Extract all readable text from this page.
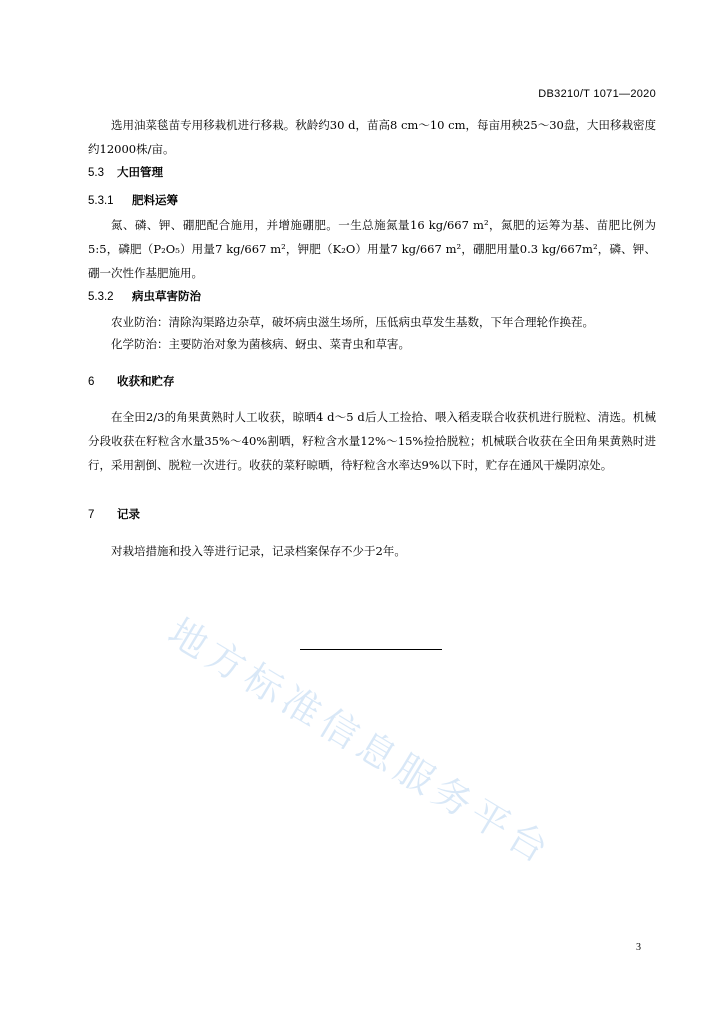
DB3210/T 1071—2020
选用油菜毯苗专用移栽机进行移栽。秋龄约30 d，苗高8 cm～10 cm，每亩用秧25～30盘，大田移栽密度约12000株/亩。
5.3 大田管理
5.3.1 肥料运筹
氮、磷、钾、硼肥配合施用，并增施硼肥。一生总施氮量16 kg/667 m²，氮肥的运筹为基、苗肥比例为5:5，磷肥（P₂O₅）用量7 kg/667 m²，钾肥（K₂O）用量7 kg/667 m²，硼肥用量0.3 kg/667m²，磷、钾、硼一次性作基肥施用。
5.3.2 病虫草害防治
农业防治：清除沟渠路边杂草，破坏病虫滋生场所，压低病虫草发生基数，下年合理轮作换茬。
化学防治：主要防治对象为菌核病、蚜虫、菜青虫和草害。
6 收获和贮存
在全田2/3的角果黄熟时人工收获，晾晒4 d～5 d后人工捡拾、喂入稻麦联合收获机进行脱粒、清选。机械分段收获在籽粒含水量35%～40%割晒，籽粒含水量12%～15%捡拾脱粒；机械联合收获在全田角果黄熟时进行，采用割倒、脱粒一次进行。收获的菜籽晾晒，待籽粒含水率达9%以下时，贮存在通风干燥阴凉处。
7 记录
对栽培措施和投入等进行记录，记录档案保存不少于2年。
地方标准信息服务平台
3
